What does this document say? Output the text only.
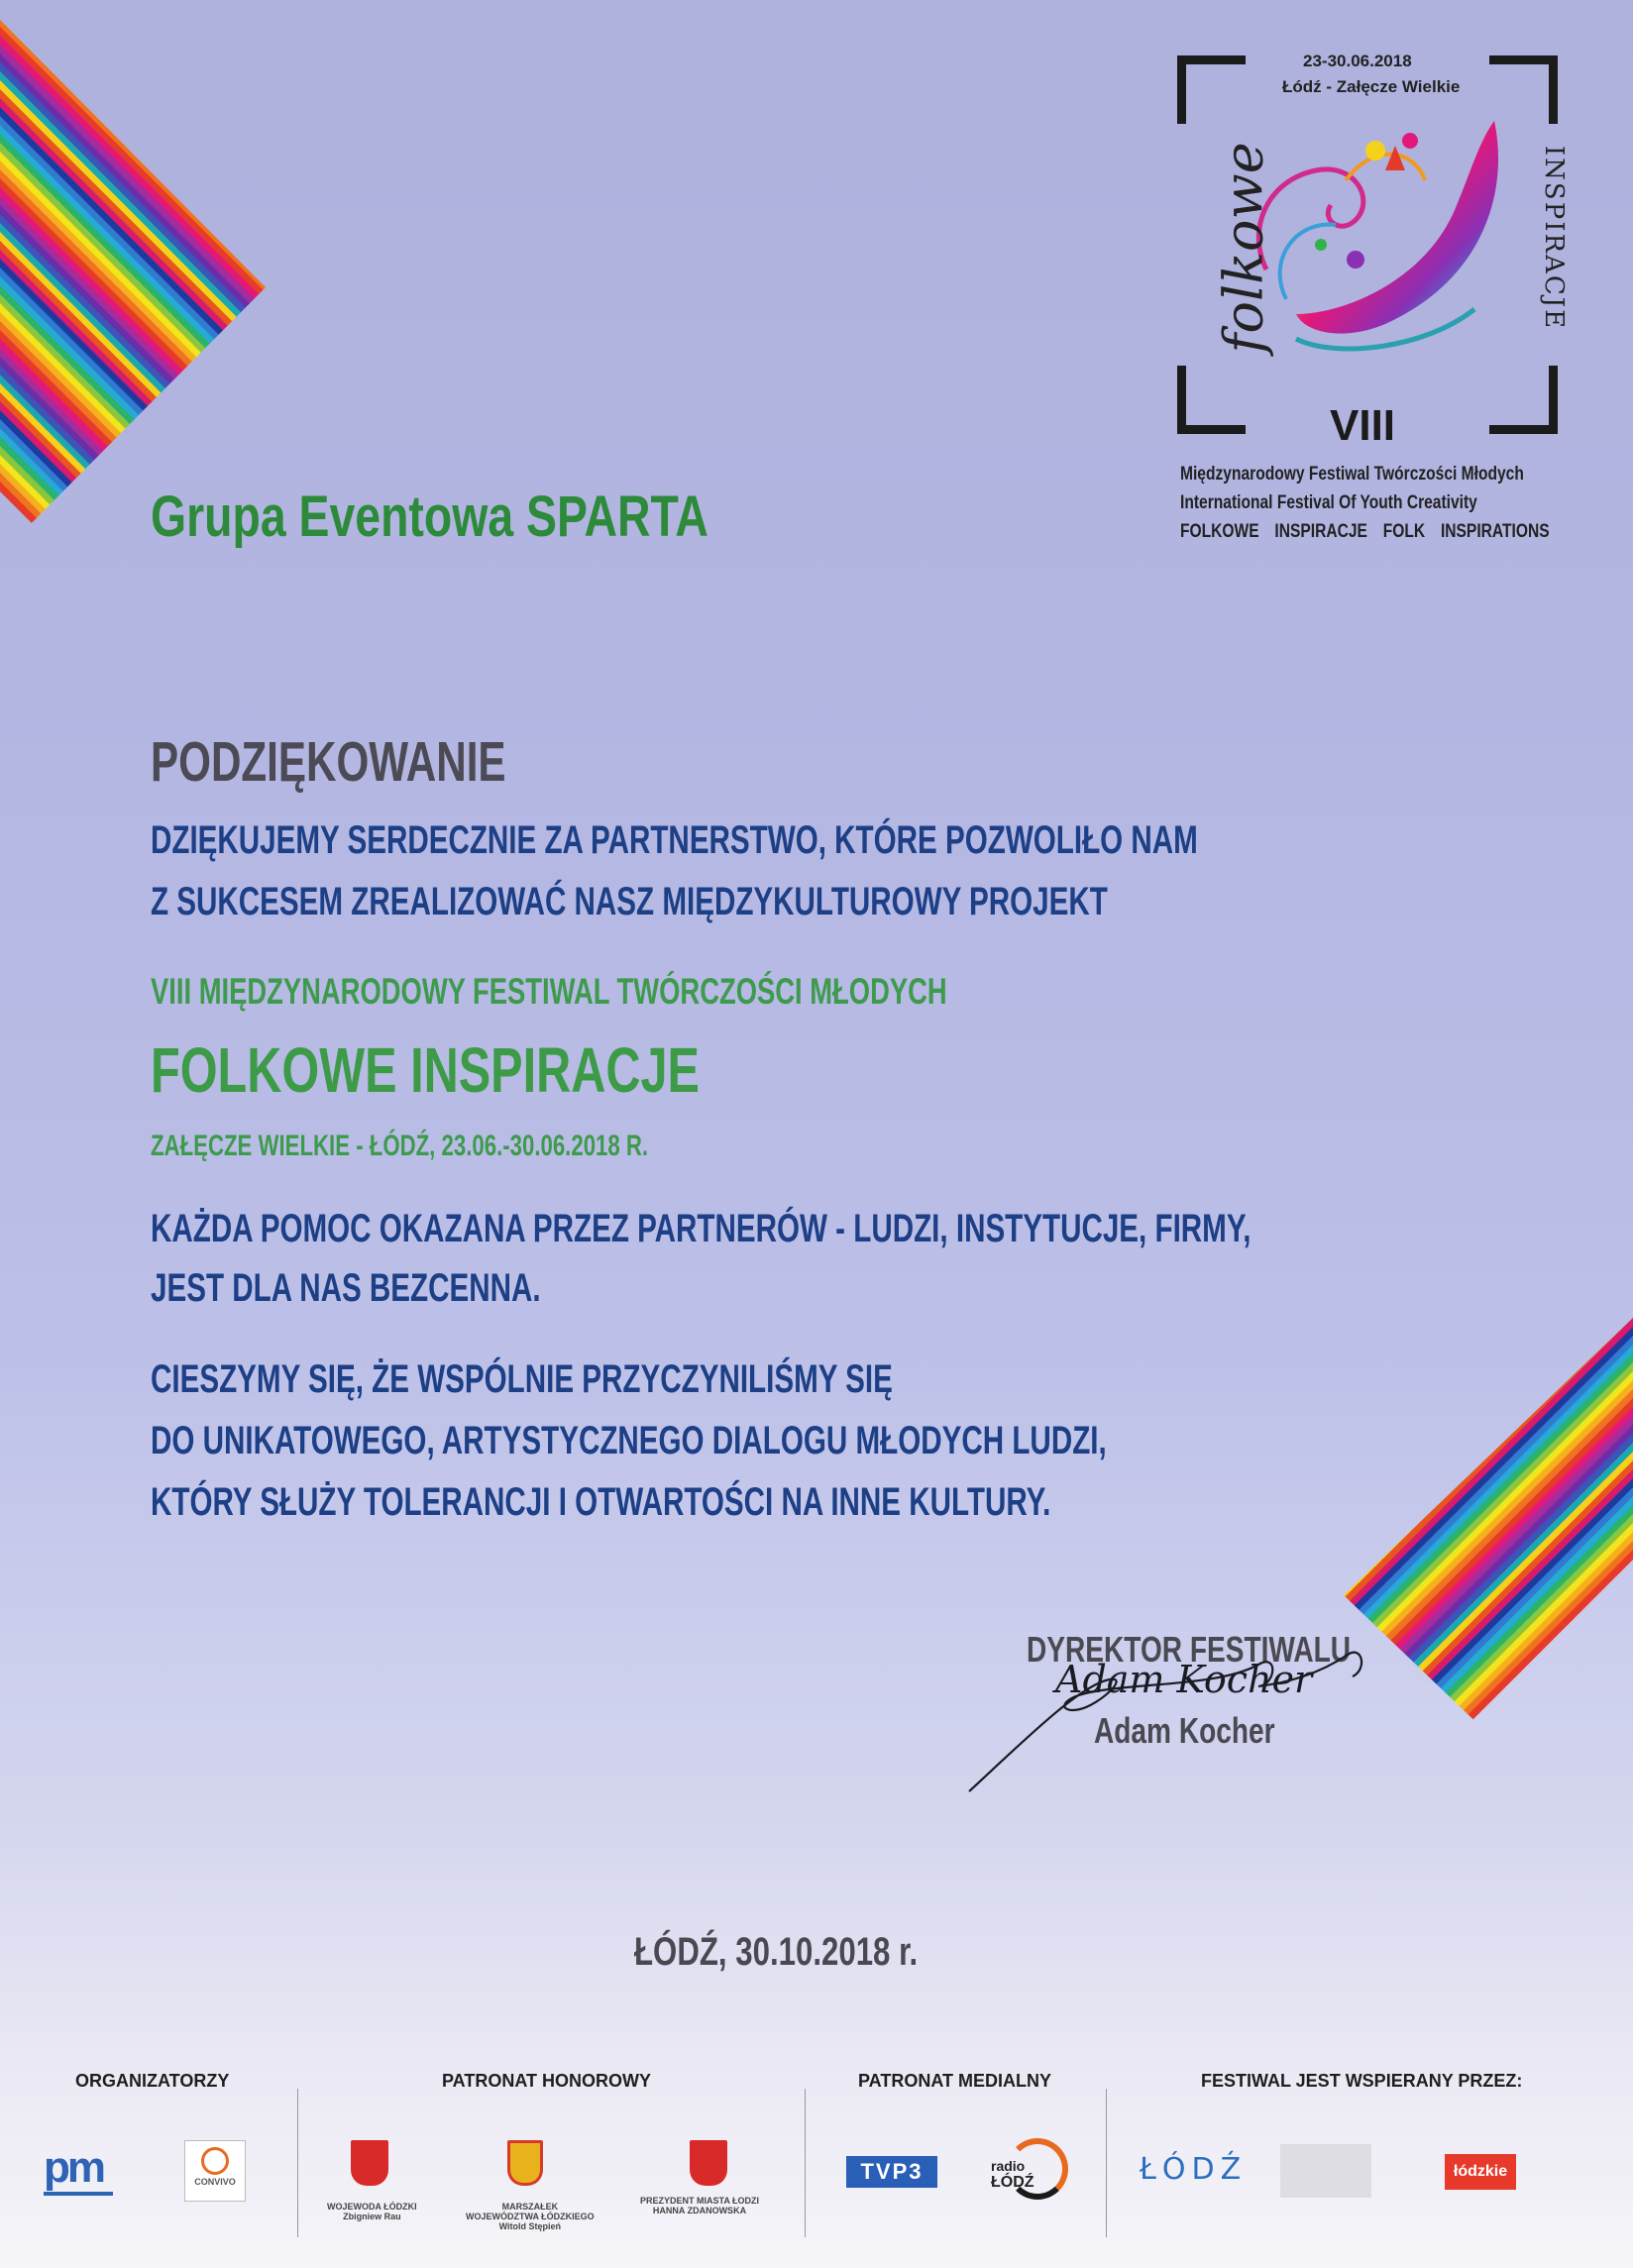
23-30.06.2018
Łódź - Załęcze Wielkie
folkowe	INSPIRACJE
VIII
Międzynarodowy Festiwal Twórczości Młodych
International Festival Of Youth Creativity
FOLKOWE INSPIRACJE FOLK INSPIRATIONS
Grupa Eventowa SPARTA
PODZIĘKOWANIE
DZIĘKUJEMY SERDECZNIE ZA PARTNERSTWO, KTÓRE POZWOLIŁO NAM
Z SUKCESEM ZREALIZOWAĆ NASZ MIĘDZYKULTUROWY PROJEKT
VIII MIĘDZYNARODOWY FESTIWAL TWÓRCZOŚCI MŁODYCH
FOLKOWE INSPIRACJE
ZAŁĘCZE WIELKIE - ŁÓDŹ, 23.06.-30.06.2018 R.
KAŻDA POMOC OKAZANA PRZEZ PARTNERÓW - LUDZI, INSTYTUCJE, FIRMY,
JEST DLA NAS BEZCENNA.
CIESZYMY SIĘ, ŻE WSPÓLNIE PRZYCZYNILIŚMY SIĘ
DO UNIKATOWEGO, ARTYSTYCZNEGO DIALOGU MŁODYCH LUDZI,
KTÓRY SŁUŻY TOLERANCJI I OTWARTOŚCI NA INNE KULTURY.
DYREKTOR FESTIWALU
Adam Kocher
Adam Kocher
ŁÓDŹ, 30.10.2018 r.
ORGANIZATORZY	PATRONAT HONOROWY	PATRONAT MEDIALNY	FESTIWAL JEST WSPIERANY PRZEZ:
pm	CONVIVO
WOJEWODA ŁÓDZKI
Zbigniew Rau
MARSZAŁEK
WOJEWÓDZTWA ŁÓDZKIEGO
Witold Stępień
PREZYDENT MIASTA ŁODZI
HANNA ZDANOWSKA
TVP3	radio
ŁÓDŹ	ŁÓDŹ	łódzkie
